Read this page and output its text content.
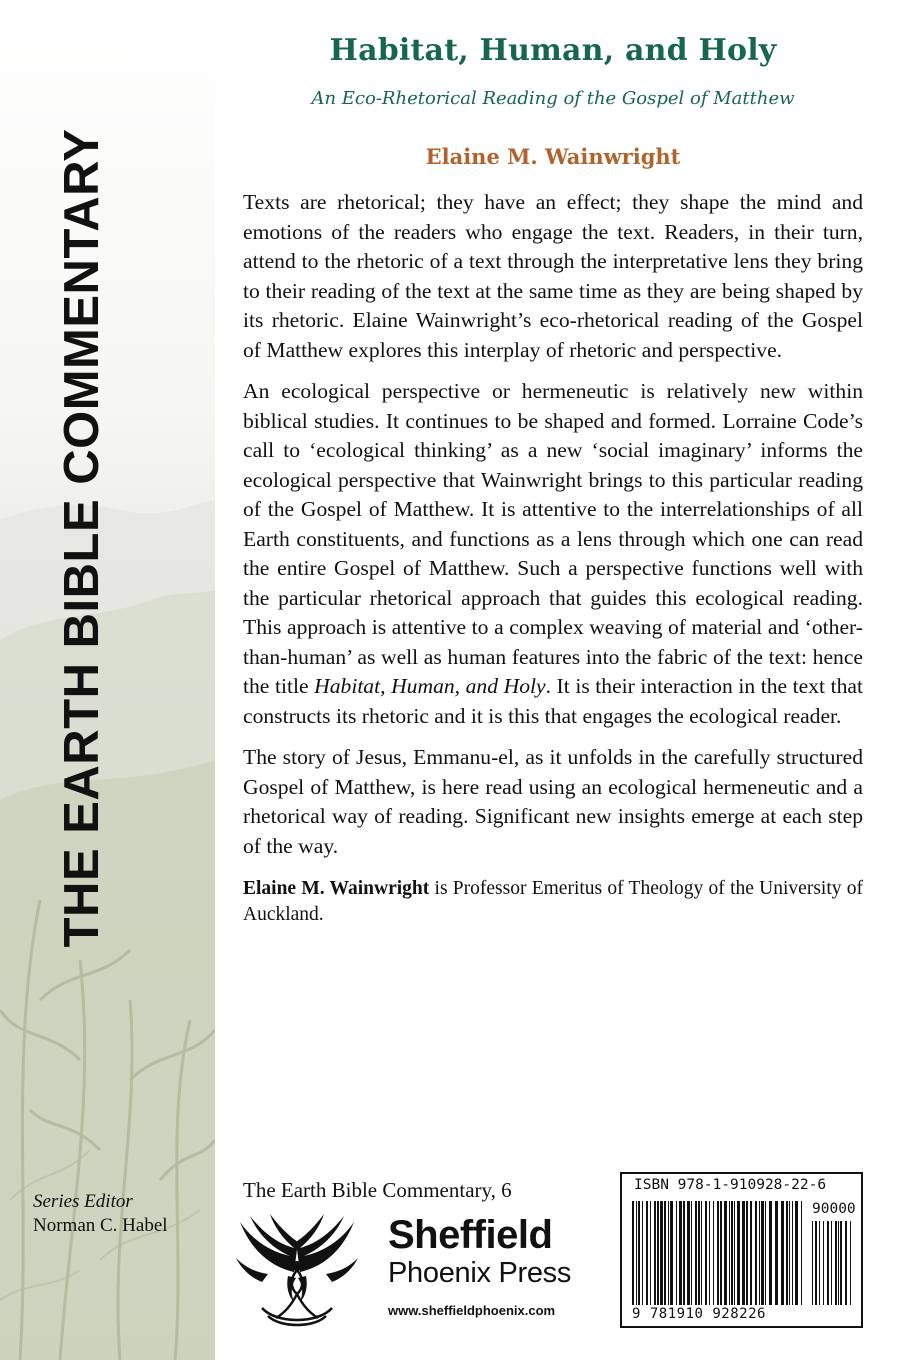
THE EARTH BIBLE COMMENTARY
Series Editor
Norman C. Habel
Habitat, Human, and Holy
An Eco-Rhetorical Reading of the Gospel of Matthew
Elaine M. Wainwright

Texts are rhetorical; they have an effect; they shape the mind and emotions of the readers who engage the text. Readers, in their turn, attend to the rhetoric of a text through the interpretative lens they bring to their reading of the text at the same time as they are being shaped by its rhetoric. Elaine Wainwright’s eco-rhetorical reading of the Gospel of Matthew explores this interplay of rhetoric and perspective.

An ecological perspective or hermeneutic is relatively new within biblical studies. It continues to be shaped and formed. Lorraine Code’s call to ‘ecological thinking’ as a new ‘social imaginary’ informs the ecological perspective that Wainwright brings to this particular reading of the Gospel of Matthew. It is attentive to the interrelationships of all Earth constituents, and functions as a lens through which one can read the entire Gospel of Matthew. Such a perspective functions well with the particular rhetorical approach that guides this ecological reading. This approach is attentive to a complex weaving of material and ‘other-than-human’ as well as human features into the fabric of the text: hence the title Habitat, Human, and Holy. It is their interaction in the text that constructs its rhetoric and it is this that engages the ecological reader.

The story of Jesus, Emmanu-el, as it unfolds in the carefully structured Gospel of Matthew, is here read using an ecological hermeneutic and a rhetorical way of reading. Significant new insights emerge at each step of the way.

Elaine M. Wainwright is Professor Emeritus of Theology of the University of Auckland.

The Earth Bible Commentary, 6
Sheffield
Phoenix Press
www.sheffieldphoenix.com
ISBN 978-1-910928-22-6
90000
9 781910 928226
